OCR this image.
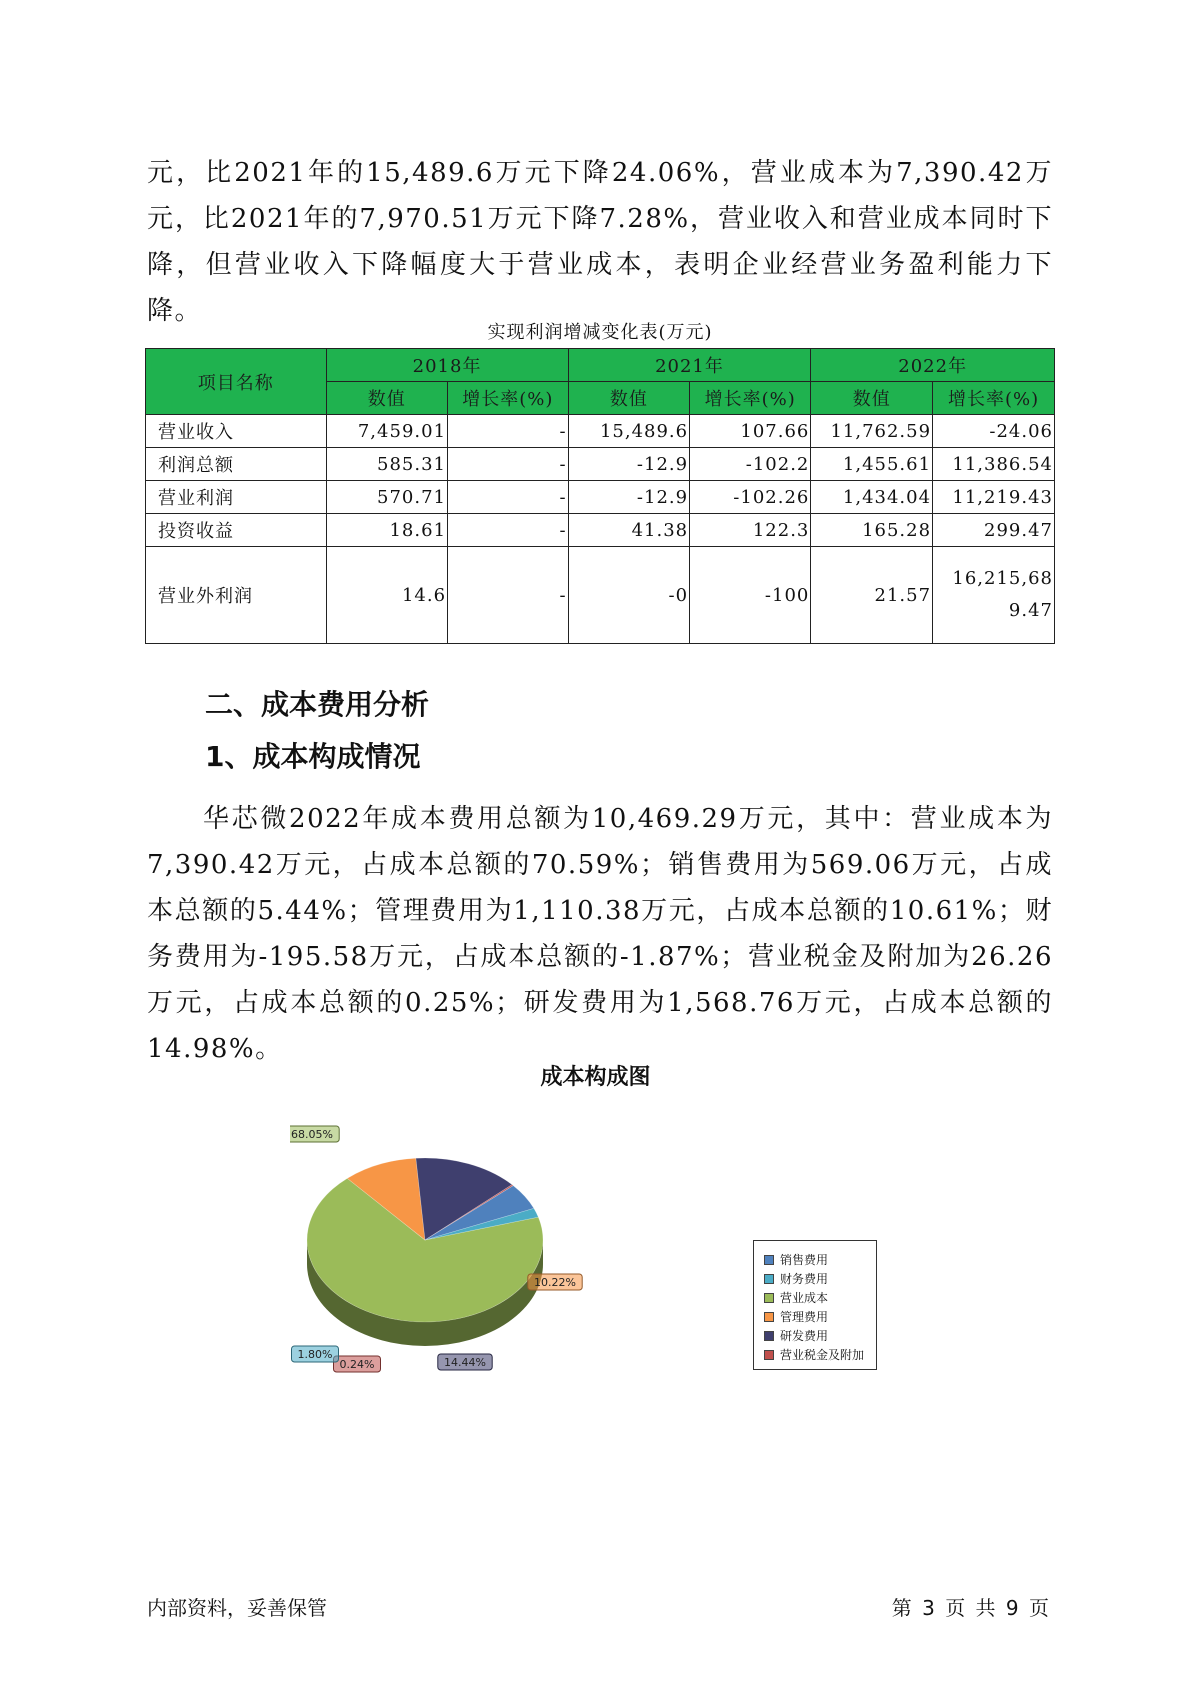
元，比2021年的15,489.6万元下降24.06%，营业成本为7,390.42万元，比2021年的7,970.51万元下降7.28%，营业收入和营业成本同时下降，但营业收入下降幅度大于营业成本，表明企业经营业务盈利能力下降。

实现利润增减变化表(万元)
项目名称	2018年		2021年		2022年	
	数值	增长率(%)	数值	增长率(%)	数值	增长率(%)
营业收入	7,459.01	-	15,489.6	107.66	11,762.59	-24.06
利润总额	585.31	-	-12.9	-102.2	1,455.61	11,386.54
营业利润	570.71	-	-12.9	-102.26	1,434.04	11,219.43
投资收益	18.61	-	41.38	122.3	165.28	299.47
营业外利润	14.6	-	-0	-100	21.57	16,215,689.47
二、成本费用分析
1、成本构成情况

华芯微2022年成本费用总额为10,469.29万元，其中：营业成本为7,390.42万元，占成本总额的70.59%；销售费用为569.06万元，占成本总额的5.44%；管理费用为1,110.38万元，占成本总额的10.61%；财务费用为-195.58万元，占成本总额的-1.87%；营业税金及附加为26.26万元，占成本总额的0.25%；研发费用为1,568.76万元，占成本总额的14.98%。

成本构成图
68.05%
10.22%
14.44%
0.24%
1.80%
销售费用
财务费用
营业成本
管理费用
研发费用
营业税金及附加
内部资料，妥善保管	第 3 页 共 9 页
